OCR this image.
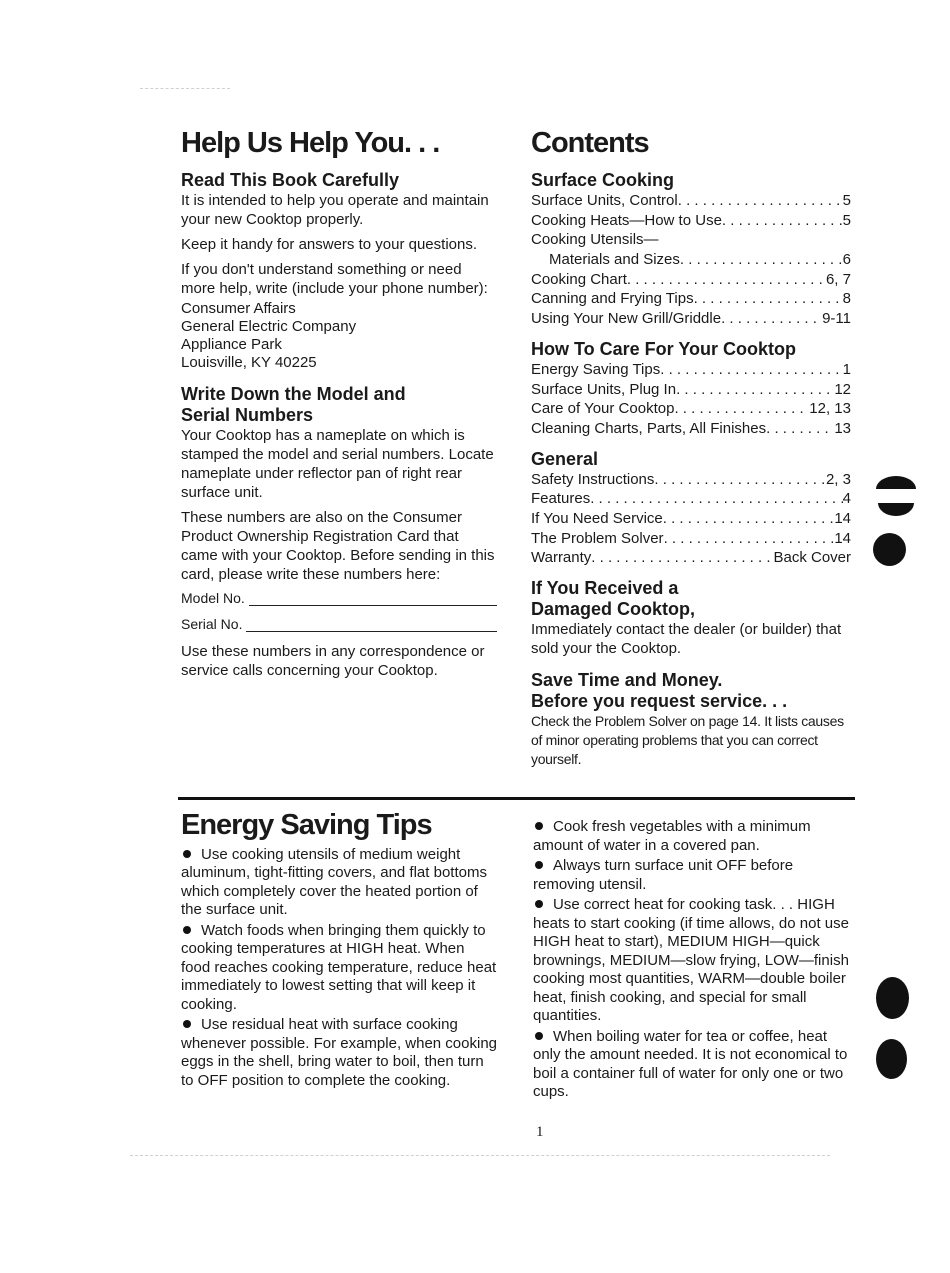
Help Us Help You. . .
Read This Book Carefully

It is intended to help you operate and maintain your new Cooktop properly.

Keep it handy for answers to your questions.

If you don't understand something or need more help, write (include your phone number):

Consumer Affairs
General Electric Company
Appliance Park
Louisville, KY 40225
Write Down the Model and
Serial Numbers

Your Cooktop has a nameplate on which is stamped the model and serial numbers. Locate nameplate under reflector pan of right rear surface unit.

These numbers are also on the Consumer Product Ownership Registration Card that came with your Cooktop. Before sending in this card, please write these numbers here:

Model No.
Serial No.

Use these numbers in any correspondence or service calls concerning your Cooktop.

Contents
Surface Cooking
Surface Units, Control . . .	5
Cooking Heats—How to Use . . .	5
Cooking Utensils—
Materials and Sizes . . .	6
Cooking Chart . . .	6, 7
Canning and Frying Tips . . .	8
Using Your New Grill/Griddle . . .	9-11
How To Care For Your Cooktop
Energy Saving Tips . . .	1
Surface Units, Plug In . . .	12
Care of Your Cooktop . . .	12, 13
Cleaning Charts, Parts, All Finishes . . .	13
General
Safety Instructions . . .	2, 3
Features . . .	4
If You Need Service . . .	14
The Problem Solver . . .	14
Warranty . . .	Back Cover
If You Received a
Damaged Cooktop,

Immediately contact the dealer (or builder) that sold your the Cooktop.

Save Time and Money.
Before you request service. . .

Check the Problem Solver on page 14. It lists causes of minor operating problems that you can correct yourself.

Energy Saving Tips

Use cooking utensils of medium weight aluminum, tight-fitting covers, and flat bottoms which completely cover the heated portion of the surface unit.

Watch foods when bringing them quickly to cooking temperatures at HIGH heat. When food reaches cooking temperature, reduce heat immediately to lowest setting that will keep it cooking.

Use residual heat with surface cooking whenever possible. For example, when cooking eggs in the shell, bring water to boil, then turn to OFF position to complete the cooking.

Cook fresh vegetables with a minimum amount of water in a covered pan.

Always turn surface unit OFF before removing utensil.

Use correct heat for cooking task. . . HIGH heats to start cooking (if time allows, do not use HIGH heat to start), MEDIUM HIGH—quick brownings, MEDIUM—slow frying, LOW—finish cooking most quantities, WARM—double boiler heat, finish cooking, and special for small quantities.

When boiling water for tea or coffee, heat only the amount needed. It is not economical to boil a container full of water for only one or two cups.

1
